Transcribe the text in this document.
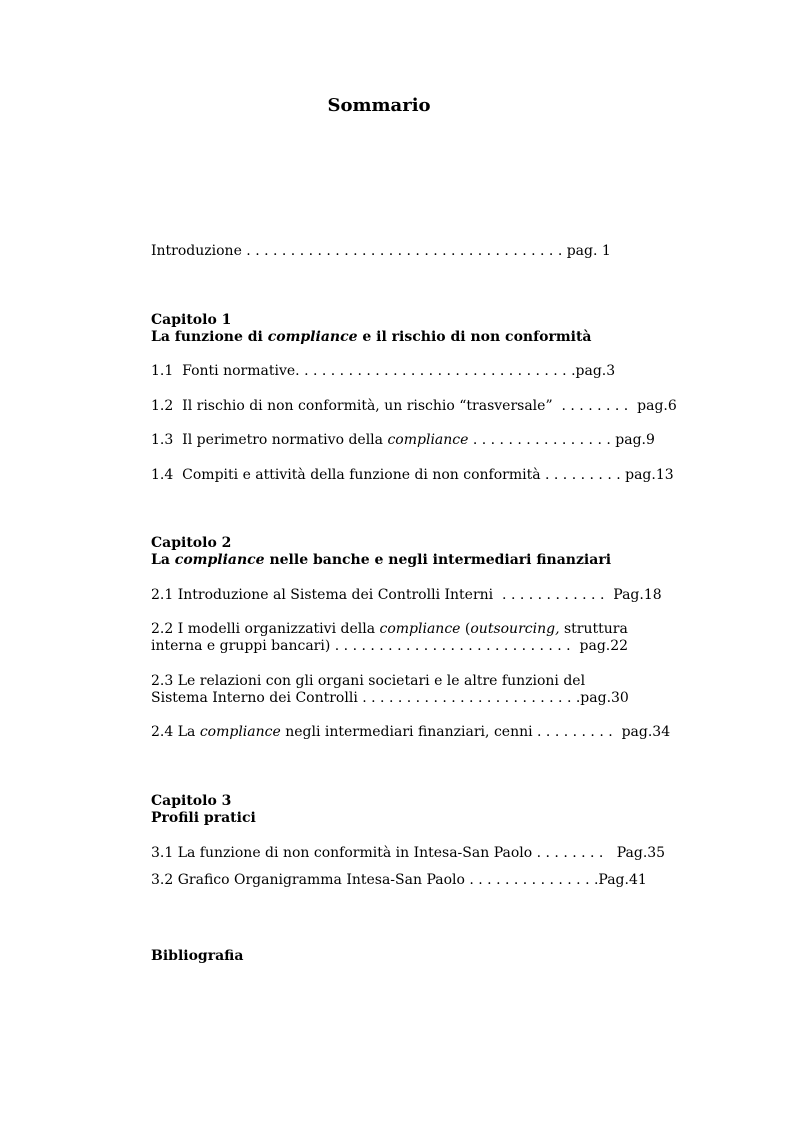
Sommario
Introduzione . . . . . . . . . . . . . . . . . . . . . . . . . . . . . . . . . . . . pag. 1
Capitolo 1
La funzione di compliance e il rischio di non conformità
1.1  Fonti normative. . . . . . . . . . . . . . . . . . . . . . . . . . . . . . . .pag.3
1.2  Il rischio di non conformità, un rischio “trasversale”  . . . . . . . .  pag.6
1.3  Il perimetro normativo della compliance . . . . . . . . . . . . . . . . pag.9
1.4  Compiti e attività della funzione di non conformità . . . . . . . . . pag.13
Capitolo 2
La compliance nelle banche e negli intermediari finanziari
2.1 Introduzione al Sistema dei Controlli Interni  . . . . . . . . . . . .  Pag.18
2.2 I modelli organizzativi della compliance (outsourcing, struttura
interna e gruppi bancari) . . . . . . . . . . . . . . . . . . . . . . . . . . .  pag.22
2.3 Le relazioni con gli organi societari e le altre funzioni del
Sistema Interno dei Controlli . . . . . . . . . . . . . . . . . . . . . . . . .pag.30
2.4 La compliance negli intermediari finanziari, cenni . . . . . . . . .  pag.34
Capitolo 3
Profili pratici
3.1 La funzione di non conformità in Intesa-San Paolo . . . . . . . .   Pag.35
3.2 Grafico Organigramma Intesa-San Paolo . . . . . . . . . . . . . . .Pag.41
Bibliografia
